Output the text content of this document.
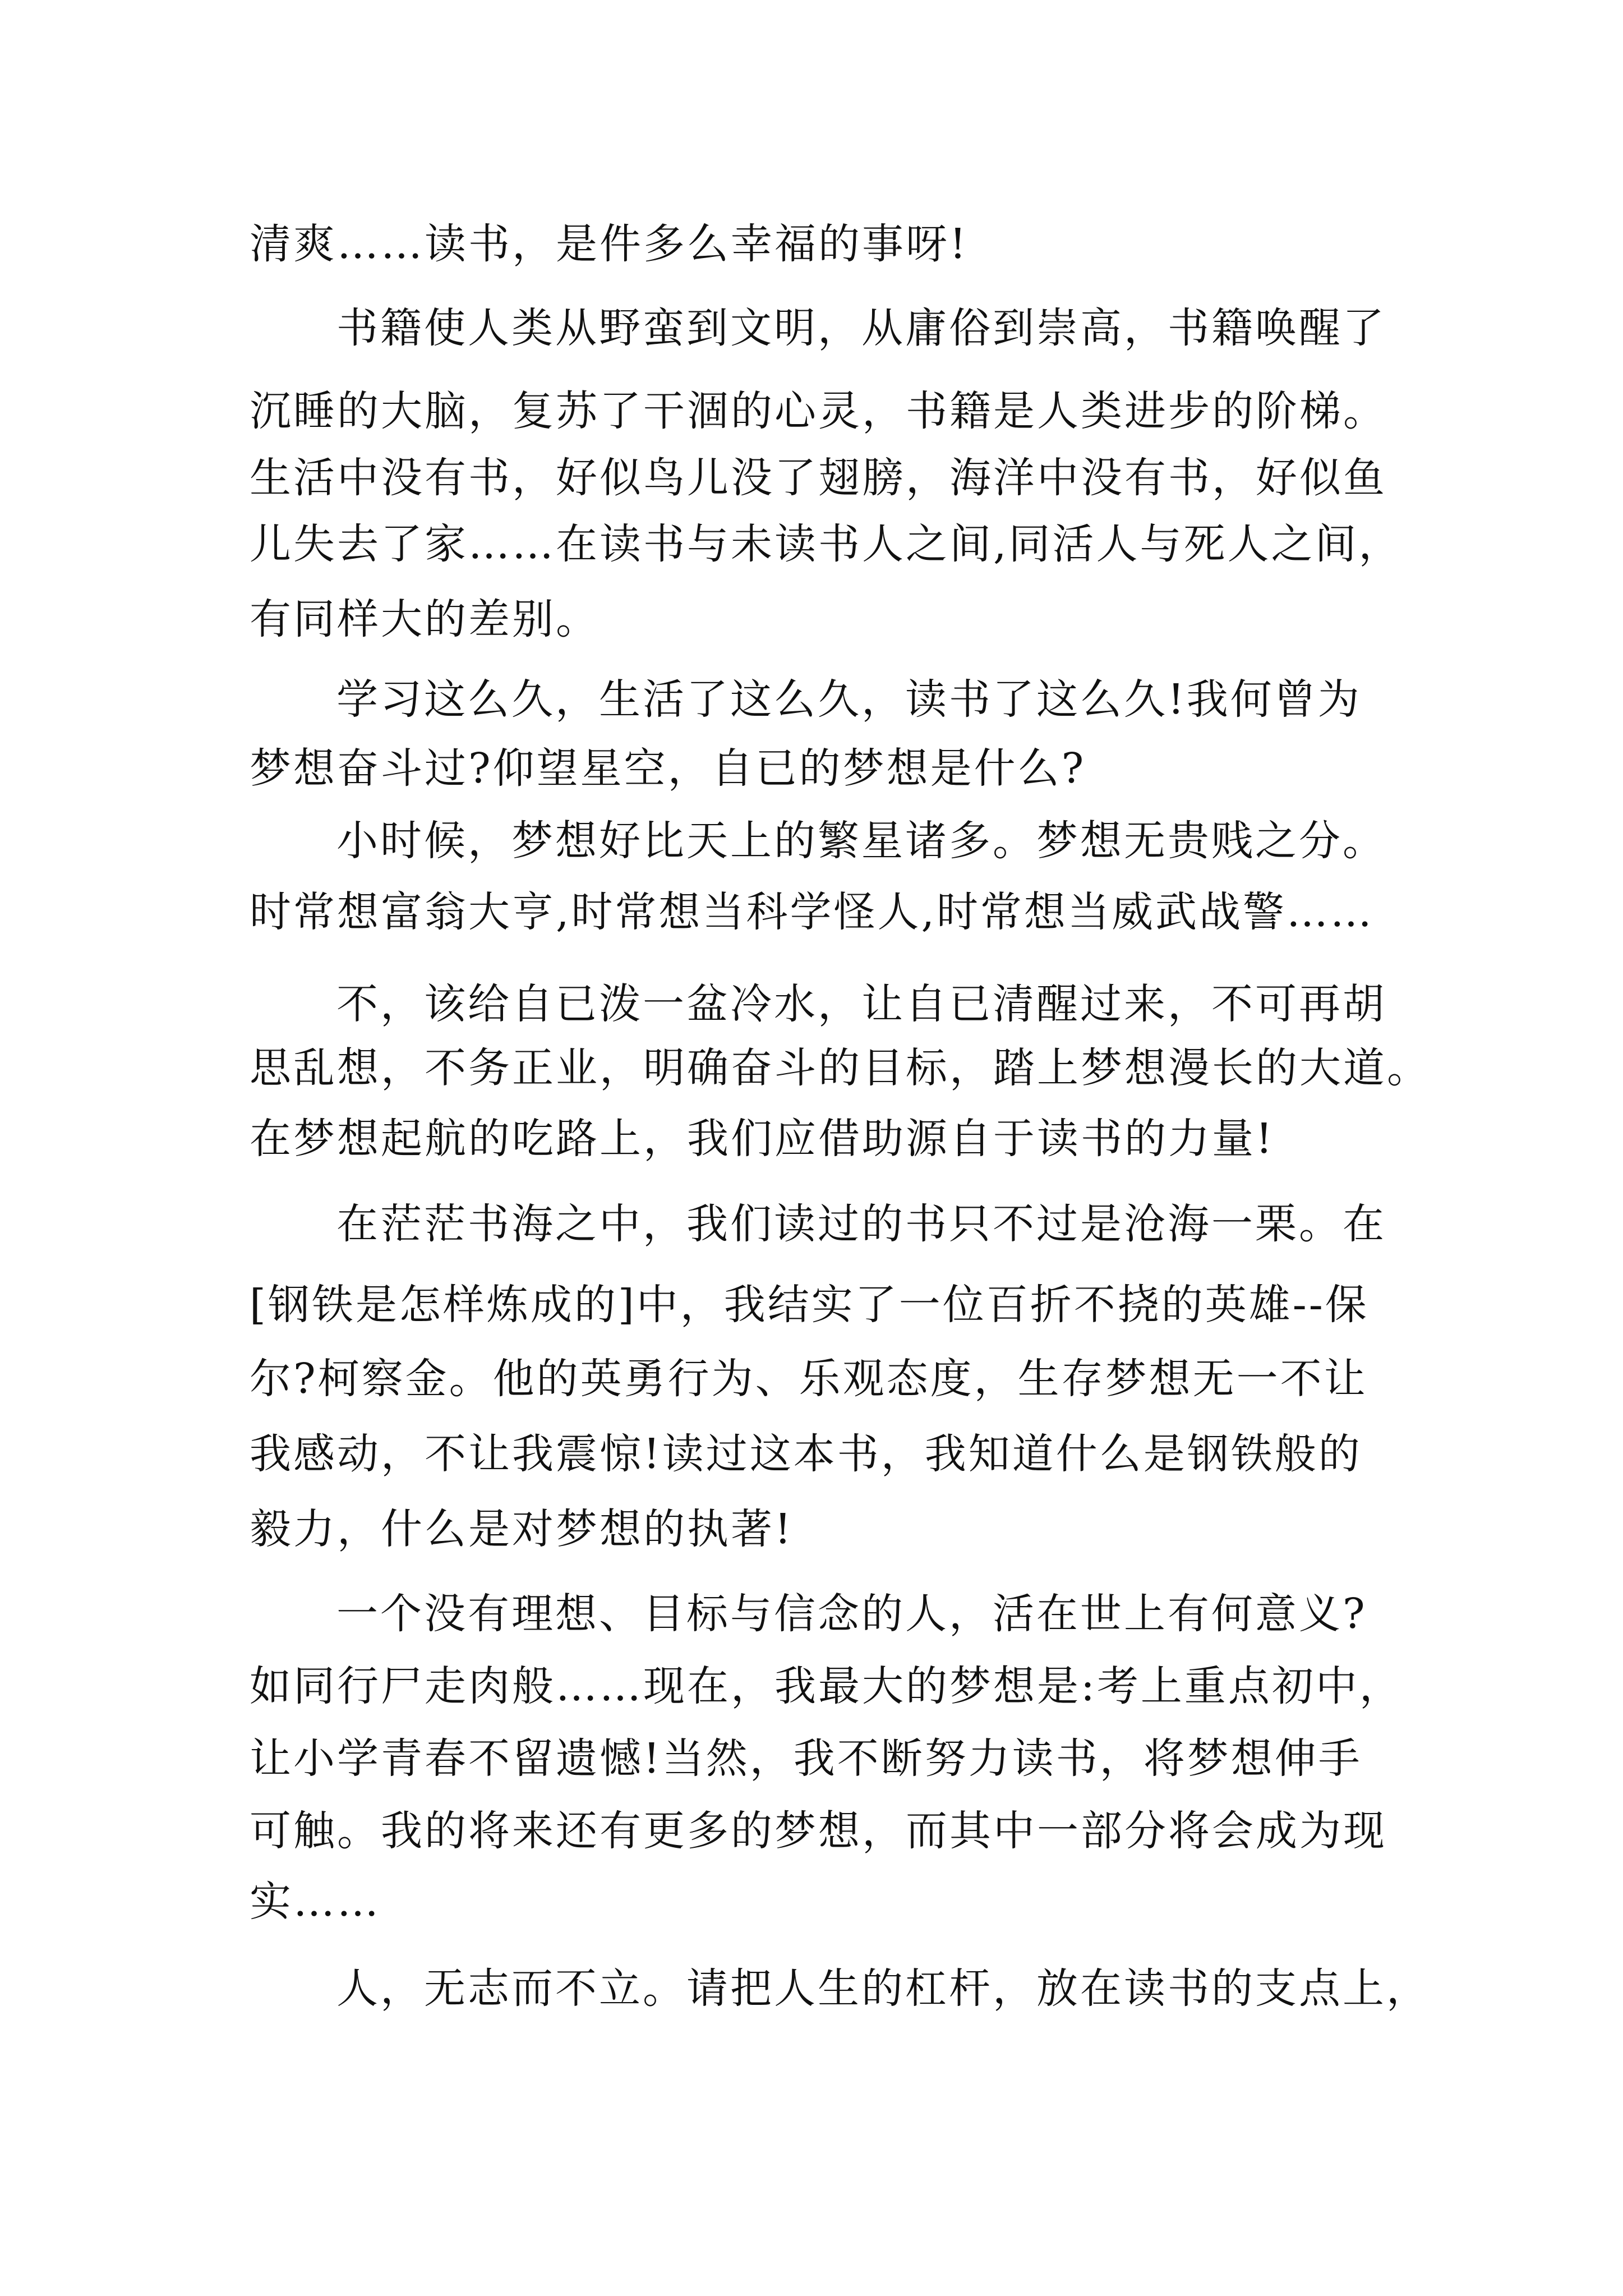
清爽……读书，是件多么幸福的事呀!
书籍使人类从野蛮到文明，从庸俗到崇高，书籍唤醒了
沉睡的大脑，复苏了干涸的心灵，书籍是人类进步的阶梯。
生活中没有书，好似鸟儿没了翅膀，海洋中没有书，好似鱼
儿失去了家……在读书与未读书人之间,同活人与死人之间，
有同样大的差别。
学习这么久，生活了这么久，读书了这么久!我何曾为
梦想奋斗过?仰望星空，自已的梦想是什么?
小时候，梦想好比天上的繁星诸多。梦想无贵贱之分。
时常想富翁大亨,时常想当科学怪人,时常想当威武战警……
不，该给自已泼一盆冷水，让自已清醒过来，不可再胡
思乱想，不务正业，明确奋斗的目标，踏上梦想漫长的大道。
在梦想起航的吃路上，我们应借助源自于读书的力量!
在茫茫书海之中，我们读过的书只不过是沧海一栗。在
[钢铁是怎样炼成的]中，我结实了一位百折不挠的英雄--保
尔?柯察金。他的英勇行为、乐观态度，生存梦想无一不让
我感动，不让我震惊!读过这本书，我知道什么是钢铁般的
毅力，什么是对梦想的执著!
一个没有理想、目标与信念的人，活在世上有何意义?
如同行尸走肉般……现在，我最大的梦想是:考上重点初中，
让小学青春不留遗憾!当然，我不断努力读书，将梦想伸手
可触。我的将来还有更多的梦想，而其中一部分将会成为现
实……
人，无志而不立。请把人生的杠杆，放在读书的支点上，
